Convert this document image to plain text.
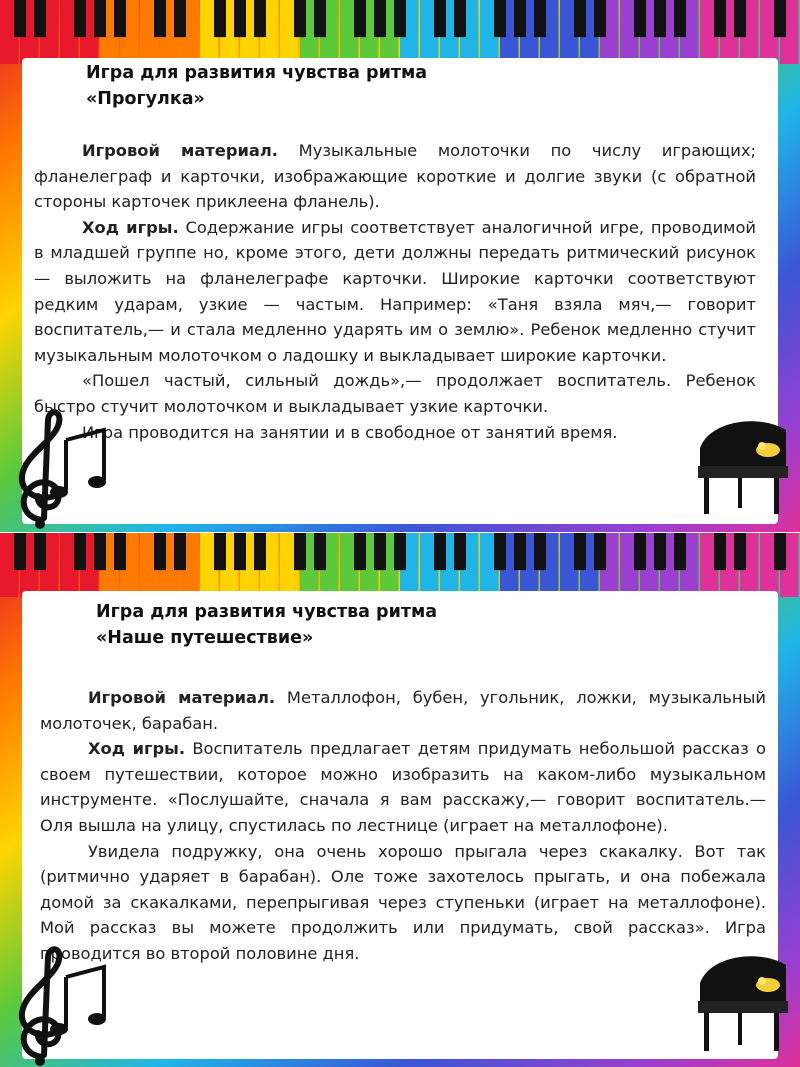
Игра для развития чувства ритма
«Прогулка»

Игровой материал. Музыкальные молоточки по числу играющих; фланелеграф и карточки, изображающие короткие и долгие звуки (с обратной стороны карточек приклеена фланель).

Ход игры. Содержание игры соответствует аналогичной игре, проводимой в младшей группе но, кроме этого, дети должны передать ритмический рисунок — выложить на фланелеграфе карточки. Широкие карточки соответствуют редким ударам, узкие — частым. Например: «Таня взяла мяч,— говорит воспитатель,— и стала медленно ударять им о землю». Ребенок медленно стучит музыкальным молоточком о ладошку и выкладывает широкие карточки.

«Пошел частый, сильный дождь»,— продолжает воспитатель. Ребенок быстро стучит молоточком и выкладывает узкие карточки.

Игра проводится на занятии и в свободное от занятий время.

Игра для развития чувства ритма
«Наше путешествие»

Игровой материал. Металлофон, бубен, угольник, ложки, музыкальный молоточек, барабан.

Ход игры. Воспитатель предлагает детям придумать небольшой рассказ о своем путешествии, которое можно изобразить на каком-либо музыкальном инструменте. «Послушайте, сначала я вам расскажу,— говорит воспитатель.— Оля вышла на улицу, спустилась по лестнице (играет на металлофоне).

Увидела подружку, она очень хорошо прыгала через скакалку. Вот так (ритмично ударяет в барабан). Оле тоже захотелось прыгать, и она побежала домой за скакалками, перепрыгивая через ступеньки (играет на металлофоне). Мой рассказ вы можете продолжить или придумать, свой рассказ». Игра проводится во второй половине дня.
